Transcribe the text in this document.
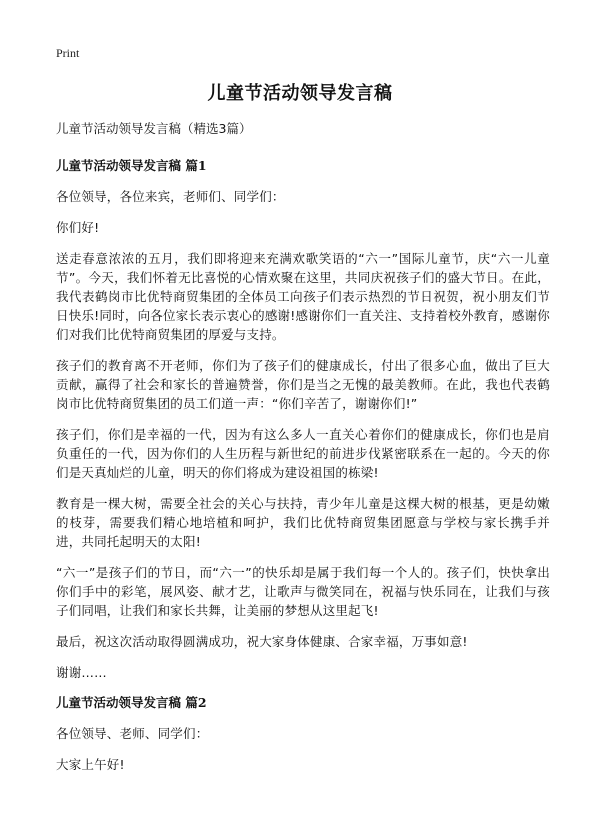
Print
儿童节活动领导发言稿

儿童节活动领导发言稿（精选3篇）

儿童节活动领导发言稿 篇1

各位领导，各位来宾，老师们、同学们：

你们好!

送走春意浓浓的五月，我们即将迎来充满欢歌笑语的“六一”国际儿童节，庆“六一儿童节”。今天，我们怀着无比喜悦的心情欢聚在这里，共同庆祝孩子们的盛大节日。在此，我代表鹤岗市比优特商贸集团的全体员工向孩子们表示热烈的节日祝贺，祝小朋友们节日快乐!同时，向各位家长表示衷心的感谢!感谢你们一直关注、支持着校外教育，感谢你们对我们比优特商贸集团的厚爱与支持。

孩子们的教育离不开老师，你们为了孩子们的健康成长，付出了很多心血，做出了巨大贡献，赢得了社会和家长的普遍赞誉，你们是当之无愧的最美教师。在此，我也代表鹤岗市比优特商贸集团的员工们道一声：“你们辛苦了，谢谢你们!”

孩子们，你们是幸福的一代，因为有这么多人一直关心着你们的健康成长，你们也是肩负重任的一代，因为你们的人生历程与新世纪的前进步伐紧密联系在一起的。今天的你们是天真灿烂的儿童，明天的你们将成为建设祖国的栋梁!

教育是一棵大树，需要全社会的关心与扶持，青少年儿童是这棵大树的根基，更是幼嫩的枝芽，需要我们精心地培植和呵护，我们比优特商贸集团愿意与学校与家长携手并进，共同托起明天的太阳!

“六一”是孩子们的节日，而“六一”的快乐却是属于我们每一个人的。孩子们，快快拿出你们手中的彩笔，展风姿、献才艺，让歌声与微笑同在，祝福与快乐同在，让我们与孩子们同唱，让我们和家长共舞，让美丽的梦想从这里起飞!

最后，祝这次活动取得圆满成功，祝大家身体健康、合家幸福，万事如意!

谢谢……

儿童节活动领导发言稿 篇2

各位领导、老师、同学们：

大家上午好!
